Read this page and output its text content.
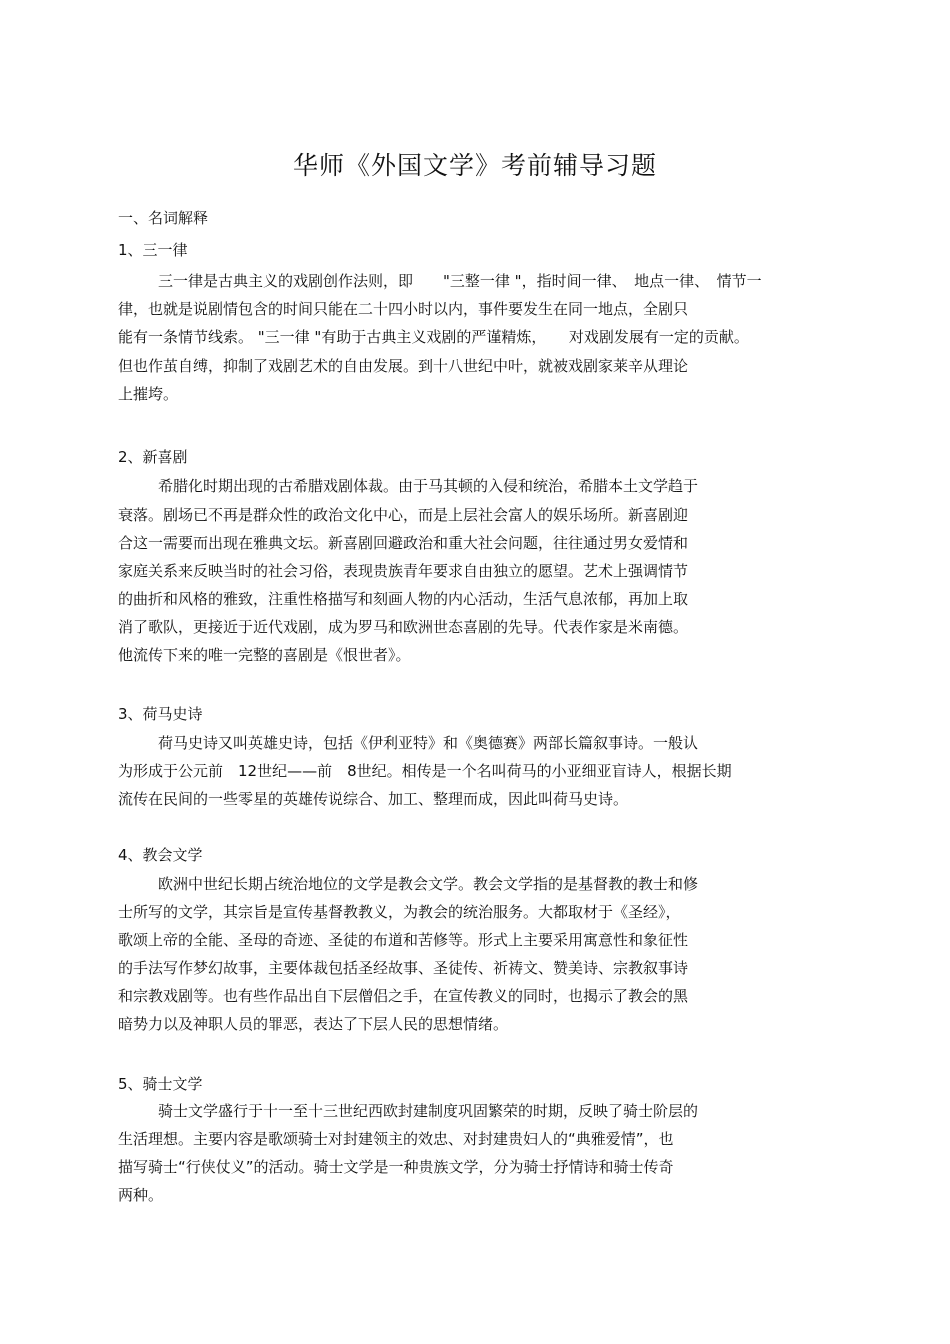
华师《外国文学》考前辅导习题
一、名词解释
1、三一律
三一律是古典主义的戏剧创作法则，即　　"三整一律 "，指时间一律、　地点一律、　情节一
律，也就是说剧情包含的时间只能在二十四小时以内，事件要发生在同一地点，全剧只
能有一条情节线索。 "三一律 "有助于古典主义戏剧的严谨精炼，　　对戏剧发展有一定的贡献。
但也作茧自缚，抑制了戏剧艺术的自由发展。到十八世纪中叶，就被戏剧家莱辛从理论
上摧垮。
2、新喜剧
希腊化时期出现的古希腊戏剧体裁。由于马其顿的入侵和统治，希腊本土文学趋于
衰落。剧场已不再是群众性的政治文化中心，而是上层社会富人的娱乐场所。新喜剧迎
合这一需要而出现在雅典文坛。新喜剧回避政治和重大社会问题，往往通过男女爱情和
家庭关系来反映当时的社会习俗，表现贵族青年要求自由独立的愿望。艺术上强调情节
的曲折和风格的雅致，注重性格描写和刻画人物的内心活动，生活气息浓郁，再加上取
消了歌队，更接近于近代戏剧，成为罗马和欧洲世态喜剧的先导。代表作家是米南德。
他流传下来的唯一完整的喜剧是《恨世者》。
3、荷马史诗
荷马史诗又叫英雄史诗，包括《伊利亚特》和《奥德赛》两部长篇叙事诗。一般认
为形成于公元前　12世纪——前　8世纪。相传是一个名叫荷马的小亚细亚盲诗人，根据长期
流传在民间的一些零星的英雄传说综合、加工、整理而成，因此叫荷马史诗。
4、教会文学
欧洲中世纪长期占统治地位的文学是教会文学。教会文学指的是基督教的教士和修
士所写的文学，其宗旨是宣传基督教教义，为教会的统治服务。大都取材于《圣经》，
歌颂上帝的全能、圣母的奇迹、圣徒的布道和苦修等。形式上主要采用寓意性和象征性
的手法写作梦幻故事，主要体裁包括圣经故事、圣徒传、祈祷文、赞美诗、宗教叙事诗
和宗教戏剧等。也有些作品出自下层僧侣之手，在宣传教义的同时，也揭示了教会的黑
暗势力以及神职人员的罪恶，表达了下层人民的思想情绪。
5、骑士文学
骑士文学盛行于十一至十三世纪西欧封建制度巩固繁荣的时期，反映了骑士阶层的
生活理想。主要内容是歌颂骑士对封建领主的效忠、对封建贵妇人的“典雅爱情”，也
描写骑士“行侠仗义”的活动。骑士文学是一种贵族文学，分为骑士抒情诗和骑士传奇
两种。
